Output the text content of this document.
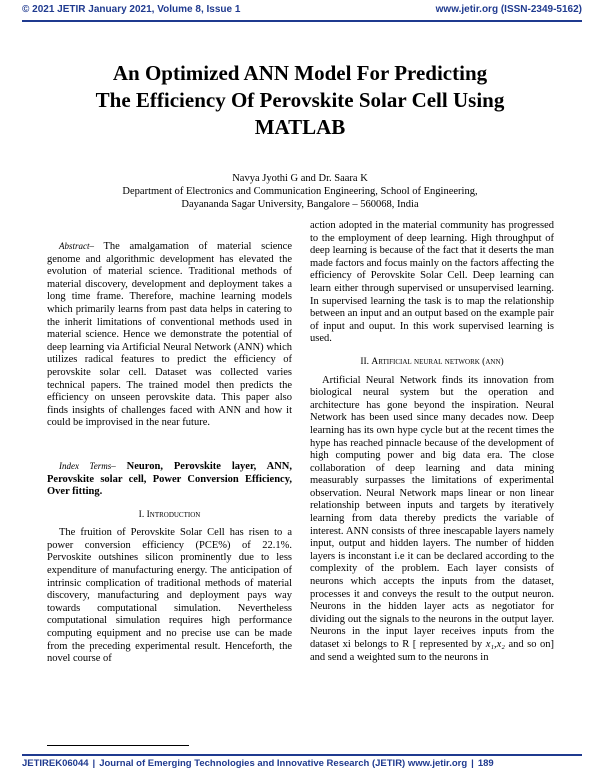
© 2021 JETIR January 2021, Volume 8, Issue 1	www.jetir.org (ISSN-2349-5162)
An Optimized ANN Model For Predicting
The Efficiency Of Perovskite Solar Cell Using
MATLAB
Navya Jyothi G and Dr. Saara K
Department of Electronics and Communication Engineering, School of Engineering,
Dayananda Sagar University, Bangalore – 560068, India

Abstract– The amalgamation of material science genome and algorithmic development has elevated the evolution of material science. Traditional methods of material discovery, development and deployment takes a long time frame. Therefore, machine learning models which primarily learns from past data helps in catering to the inherit limitations of conventional methods used in material science. Hence we demonstrate the potential of deep learning via Artificial Neural Network (ANN) which utilizes radical features to predict the efficiency of perovskite solar cell. Dataset was collected varies technical papers. The trained model then predicts the efficiency on unseen perovskite data. This paper also finds insights of challenges faced with ANN and how it could be improvised in the near future.

Index Terms– Neuron, Perovskite layer, ANN, Perovskite solar cell, Power Conversion Efficiency, Over fitting.

I. Introduction

The fruition of Perovskite Solar Cell has risen to a power conversion efficiency (PCE%) of 22.1%. Pervoskite outshines silicon prominently due to less expenditure of manufacturing energy. The anticipation of intrinsic complication of traditional methods of material discovery, manufacturing and deployment pays way towards computational simulation. Nevertheless computational simulation requires high performance computing equipment and no precise use can be made from the preceding experimental result. Henceforth, the novel course of

action adopted in the material community has progressed to the employment of deep learning. High throughput of deep learning is because of the fact that it deserts the man made factors and focus mainly on the factors affecting the efficiency of Perovskite Solar Cell. Deep learning can learn either through supervised or unsupervised learning. In supervised learning the task is to map the relationship between an input and an output based on the example pair of input and ouput. In this work supervised learning is used.

II. Artificial neural network (ann)

Artificial Neural Network finds its innovation from biological neural system but the operation and architecture has gone beyond the inspiration. Neural Network has been used since many decades now. Deep learning has its own hype cycle but at the recent times the hype has reached pinnacle because of the development of high computing power and big data era. The close collaboration of deep learning and data mining measurably surpasses the limitations of experimental observation. Neural Network maps linear or non linear relationship between inputs and targets by iteratively learning from data thereby predicts the variable of interest. ANN consists of three inescapable layers namely input, output and hidden layers. The number of hidden layers is inconstant i.e it can be declared according to the complexity of the problem. Each layer consists of neurons which accepts the inputs from the dataset, processes it and conveys the result to the output neuron. Neurons in the hidden layer acts as negotiator for dividing out the signals to the neurons in the output layer. Neurons in the input layer receives inputs from the dataset xi belongs to R [ represented by x₁,x₂ and so on] and send a weighted sum to the neurons in

JETIREK06044 | Journal of Emerging Technologies and Innovative Research (JETIR) www.jetir.org | 189
